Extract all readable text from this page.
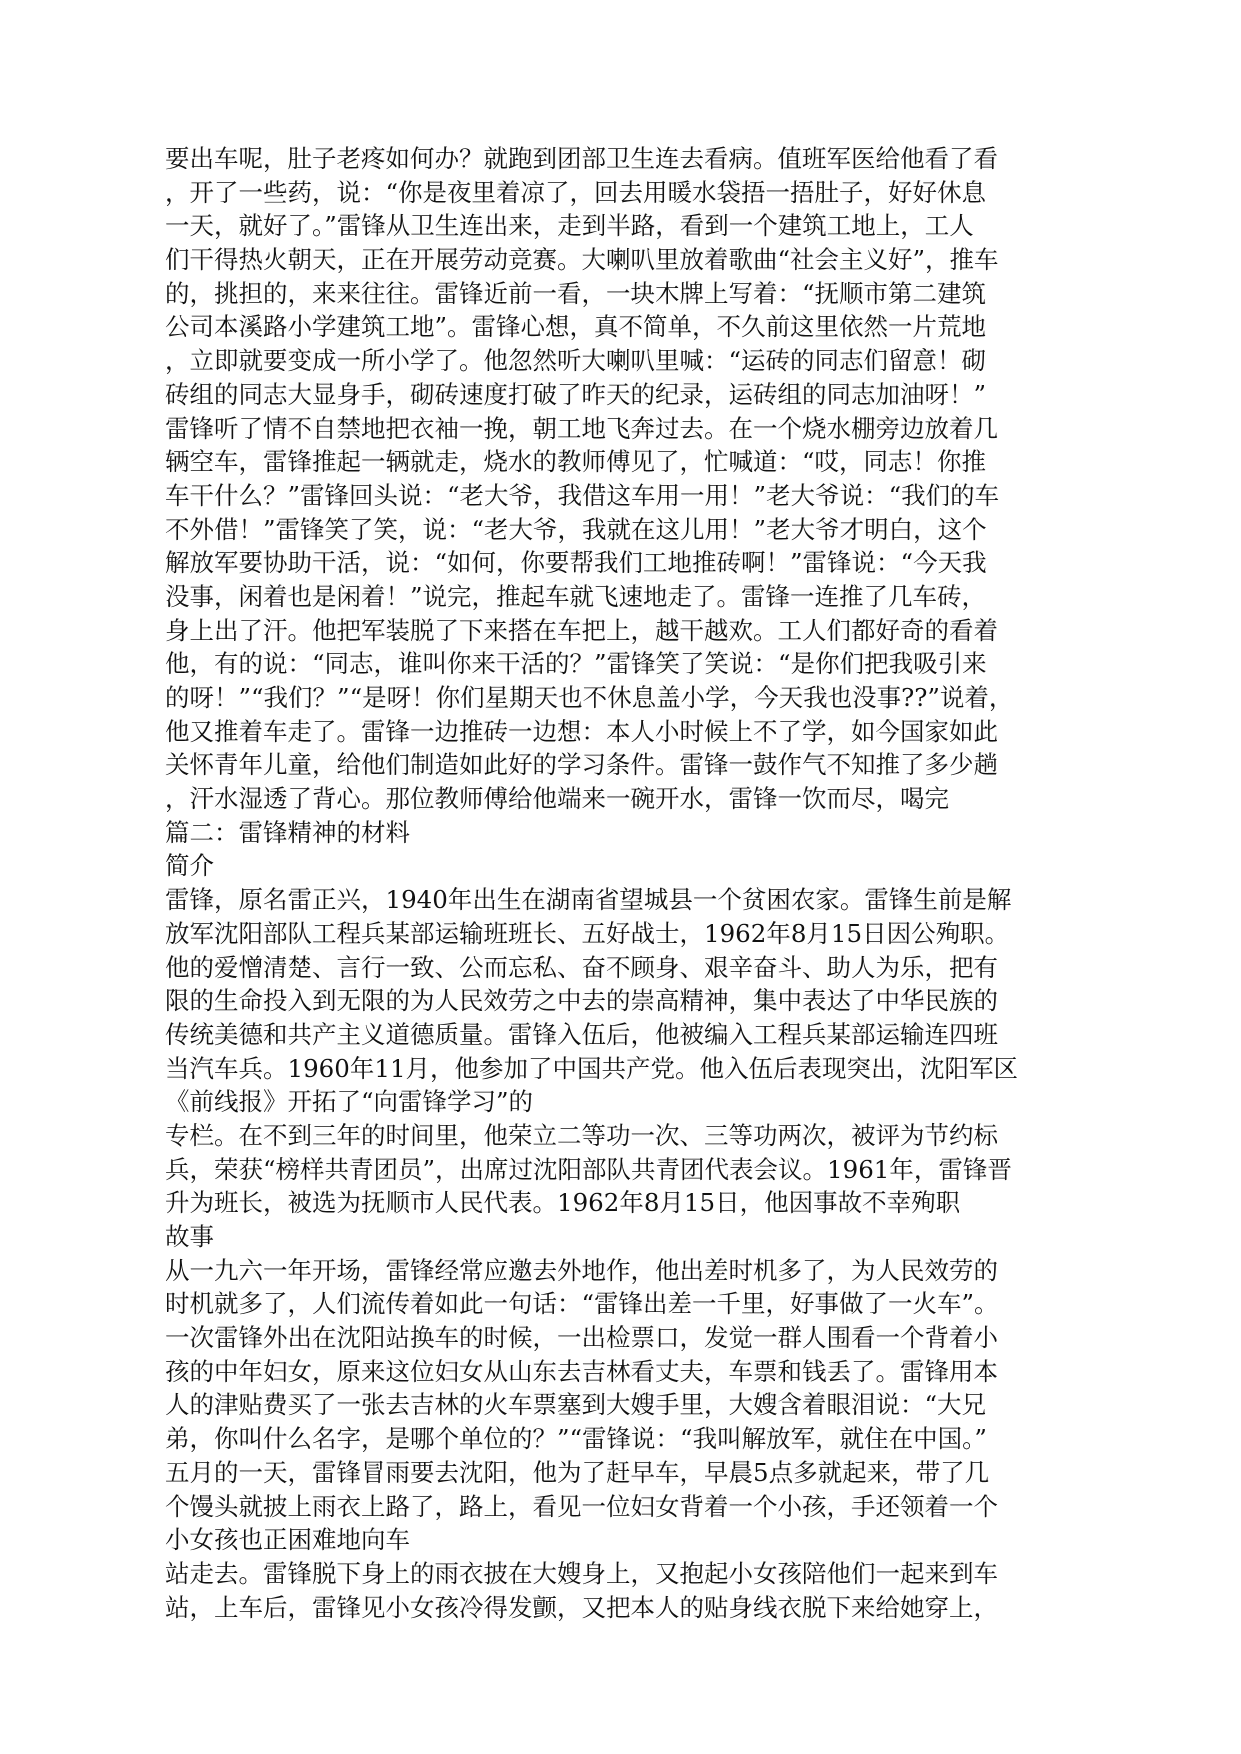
要出车呢，肚子老疼如何办？就跑到团部卫生连去看病。值班军医给他看了看
，开了一些药，说：“你是夜里着凉了，回去用暖水袋捂一捂肚子，好好休息
一天，就好了。”雷锋从卫生连出来，走到半路，看到一个建筑工地上，工人
们干得热火朝天，正在开展劳动竞赛。大喇叭里放着歌曲“社会主义好”，推车
的，挑担的，来来往往。雷锋近前一看，一块木牌上写着：“抚顺市第二建筑
公司本溪路小学建筑工地”。雷锋心想，真不简单，不久前这里依然一片荒地
，立即就要变成一所小学了。他忽然听大喇叭里喊：“运砖的同志们留意！砌
砖组的同志大显身手，砌砖速度打破了昨天的纪录，运砖组的同志加油呀！”
雷锋听了情不自禁地把衣袖一挽，朝工地飞奔过去。在一个烧水棚旁边放着几
辆空车，雷锋推起一辆就走，烧水的教师傅见了，忙喊道：“哎，同志！你推
车干什么？”雷锋回头说：“老大爷，我借这车用一用！”老大爷说：“我们的车
不外借！”雷锋笑了笑，说：“老大爷，我就在这儿用！”老大爷才明白，这个
解放军要协助干活，说：“如何，你要帮我们工地推砖啊！”雷锋说：“今天我
没事，闲着也是闲着！”说完，推起车就飞速地走了。雷锋一连推了几车砖，
身上出了汗。他把军装脱了下来搭在车把上，越干越欢。工人们都好奇的看着
他，有的说：“同志，谁叫你来干活的？”雷锋笑了笑说：“是你们把我吸引来
的呀！”“我们？”“是呀！你们星期天也不休息盖小学，今天我也没事??”说着，
他又推着车走了。雷锋一边推砖一边想：本人小时候上不了学，如今国家如此
关怀青年儿童，给他们制造如此好的学习条件。雷锋一鼓作气不知推了多少趟
，汗水湿透了背心。那位教师傅给他端来一碗开水，雷锋一饮而尽，喝完
篇二：雷锋精神的材料
简介
雷锋，原名雷正兴，1940年出生在湖南省望城县一个贫困农家。雷锋生前是解
放军沈阳部队工程兵某部运输班班长、五好战士，1962年8月15日因公殉职。
他的爱憎清楚、言行一致、公而忘私、奋不顾身、艰辛奋斗、助人为乐，把有
限的生命投入到无限的为人民效劳之中去的崇高精神，集中表达了中华民族的
传统美德和共产主义道德质量。雷锋入伍后，他被编入工程兵某部运输连四班
当汽车兵。1960年11月，他参加了中国共产党。他入伍后表现突出，沈阳军区
《前线报》开拓了“向雷锋学习”的
专栏。在不到三年的时间里，他荣立二等功一次、三等功两次，被评为节约标
兵，荣获“榜样共青团员”，出席过沈阳部队共青团代表会议。1961年，雷锋晋
升为班长，被选为抚顺市人民代表。1962年8月15日，他因事故不幸殉职
故事
从一九六一年开场，雷锋经常应邀去外地作，他出差时机多了，为人民效劳的
时机就多了，人们流传着如此一句话：“雷锋出差一千里，好事做了一火车”。
一次雷锋外出在沈阳站换车的时候，一出检票口，发觉一群人围看一个背着小
孩的中年妇女，原来这位妇女从山东去吉林看丈夫，车票和钱丢了。雷锋用本
人的津贴费买了一张去吉林的火车票塞到大嫂手里，大嫂含着眼泪说：“大兄
弟，你叫什么名字，是哪个单位的？”“雷锋说：“我叫解放军，就住在中国。”
五月的一天，雷锋冒雨要去沈阳，他为了赶早车，早晨5点多就起来，带了几
个馒头就披上雨衣上路了，路上，看见一位妇女背着一个小孩，手还领着一个
小女孩也正困难地向车
站走去。雷锋脱下身上的雨衣披在大嫂身上，又抱起小女孩陪他们一起来到车
站，上车后，雷锋见小女孩冷得发颤，又把本人的贴身线衣脱下来给她穿上，
